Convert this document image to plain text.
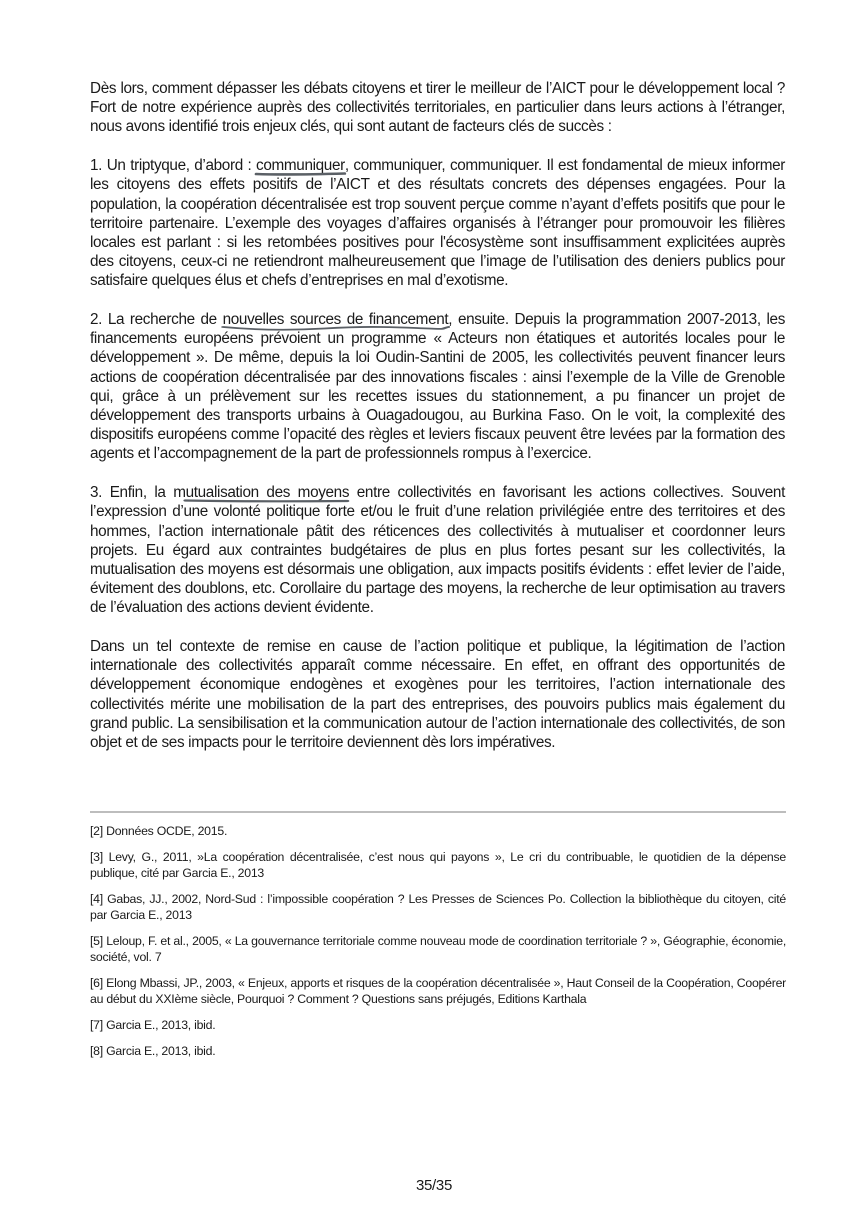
Dès lors, comment dépasser les débats citoyens et tirer le meilleur de l’AICT pour le développement local ? Fort de notre expérience auprès des collectivités territoriales, en particulier dans leurs actions à l’étranger, nous avons identifié trois enjeux clés, qui sont autant de facteurs clés de succès :

1. Un triptyque, d’abord : communiquer
, communiquer, communiquer. Il est fondamental de mieux informer les citoyens des effets positifs de l’AICT et des résultats concrets des dépenses engagées. Pour la population, la coopération décentralisée est trop souvent perçue comme n’ayant d’effets positifs que pour le territoire partenaire. L’exemple des voyages d’affaires organisés à l’étranger pour promouvoir les filières locales est parlant : si les retombées positives pour l'écosystème sont insuffisamment explicitées auprès des citoyens, ceux-ci ne retiendront malheureusement que l’image de l’utilisation des deniers publics pour satisfaire quelques élus et chefs d’entreprises en mal d’exotisme.

2. La recherche de nouvelles sources de financement
, ensuite. Depuis la programmation 2007-2013, les financements européens prévoient un programme « Acteurs non étatiques et autorités locales pour le développement ». De même, depuis la loi Oudin-Santini de 2005, les collectivités peuvent financer leurs actions de coopération décentralisée par des innovations fiscales : ainsi l’exemple de la Ville de Grenoble qui, grâce à un prélèvement sur les recettes issues du stationnement, a pu financer un projet de développement des transports urbains à Ouagadougou, au Burkina Faso. On le voit, la complexité des dispositifs européens comme l’opacité des règles et leviers fiscaux peuvent être levées par la formation des agents et l’accompagnement de la part de professionnels rompus à l’exercice.

3. Enfin, la mutualisation des moyens
entre collectivités en favorisant les actions collectives. Souvent l’expression d’une volonté politique forte et/ou le fruit d’une relation privilégiée entre des territoires et des hommes, l’action internationale pâtit des réticences des collectivités à mutualiser et coordonner leurs projets. Eu égard aux contraintes budgétaires de plus en plus fortes pesant sur les collectivités, la mutualisation des moyens est désormais une obligation, aux impacts positifs évidents : effet levier de l’aide, évitement des doublons, etc. Corollaire du partage des moyens, la recherche de leur optimisation au travers de l’évaluation des actions devient évidente.

Dans un tel contexte de remise en cause de l’action politique et publique, la légitimation de l’action internationale des collectivités apparaît comme nécessaire. En effet, en offrant des opportunités de développement économique endogènes et exogènes pour les territoires, l’action internationale des collectivités mérite une mobilisation de la part des entreprises, des pouvoirs publics mais également du grand public. La sensibilisation et la communication autour de l’action internationale des collectivités, de son objet et de ses impacts pour le territoire deviennent dès lors impératives.

[2] Données OCDE, 2015.

[3] Levy, G., 2011, »La coopération décentralisée, c’est nous qui payons », Le cri du contribuable, le quotidien de la dépense publique, cité par Garcia E., 2013

[4] Gabas, JJ., 2002, Nord-Sud : l’impossible coopération ? Les Presses de Sciences Po. Collection la bibliothèque du citoyen, cité par Garcia E., 2013

[5] Leloup, F. et al., 2005, « La gouvernance territoriale comme nouveau mode de coordination territoriale ? », Géographie, économie, société, vol. 7

[6] Elong Mbassi, JP., 2003, « Enjeux, apports et risques de la coopération décentralisée », Haut Conseil de la Coopération, Coopérer au début du XXIème siècle, Pourquoi ? Comment ? Questions sans préjugés, Editions Karthala

[7] Garcia E., 2013, ibid.

[8] Garcia E., 2013, ibid.

35/35
